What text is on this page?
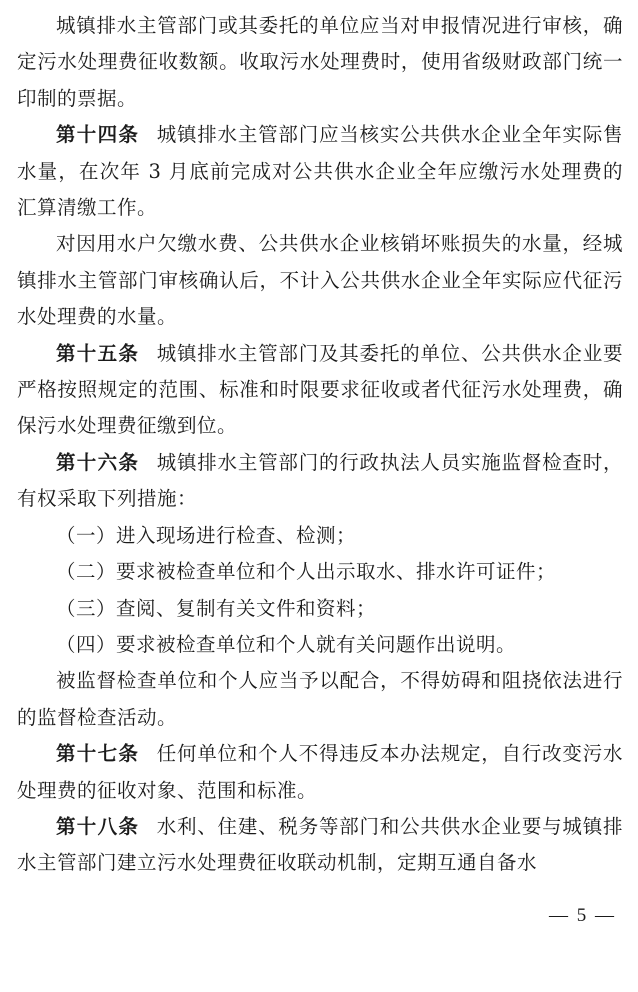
城镇排水主管部门或其委托的单位应当对申报情况进行审核，确定污水处理费征收数额。收取污水处理费时，使用省级财政部门统一印制的票据。

第十四条 城镇排水主管部门应当核实公共供水企业全年实际售水量，在次年 3 月底前完成对公共供水企业全年应缴污水处理费的汇算清缴工作。

对因用水户欠缴水费、公共供水企业核销坏账损失的水量，经城镇排水主管部门审核确认后，不计入公共供水企业全年实际应代征污水处理费的水量。

第十五条 城镇排水主管部门及其委托的单位、公共供水企业要严格按照规定的范围、标准和时限要求征收或者代征污水处理费，确保污水处理费征缴到位。

第十六条 城镇排水主管部门的行政执法人员实施监督检查时，有权采取下列措施：

（一）进入现场进行检查、检测；

（二）要求被检查单位和个人出示取水、排水许可证件；

（三）查阅、复制有关文件和资料；

（四）要求被检查单位和个人就有关问题作出说明。

被监督检查单位和个人应当予以配合，不得妨碍和阻挠依法进行的监督检查活动。

第十七条 任何单位和个人不得违反本办法规定，自行改变污水处理费的征收对象、范围和标准。

第十八条 水利、住建、税务等部门和公共供水企业要与城镇排水主管部门建立污水处理费征收联动机制，定期互通自备水

— 5 —
